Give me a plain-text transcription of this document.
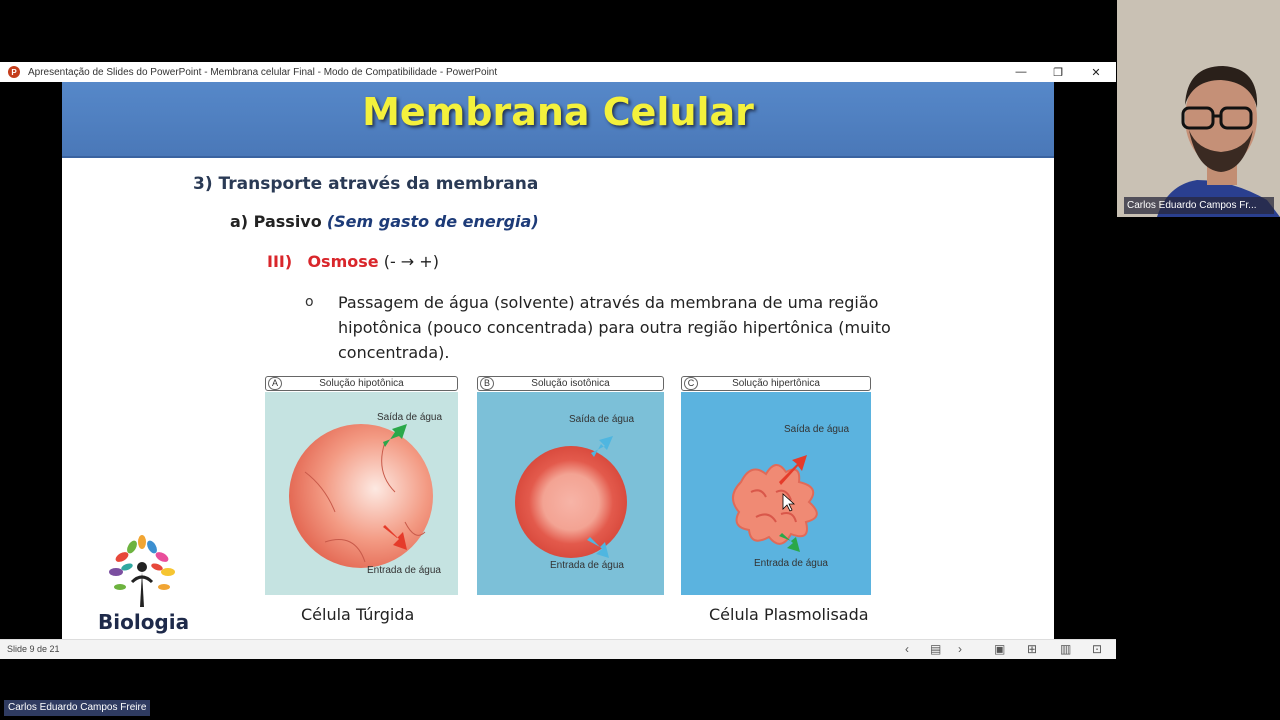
P Apresentação de Slides do PowerPoint - Membrana celular Final - Modo de Compatibilidade - PowerPoint	—	❐	✕
Membrana Celular
3) Transporte através da membrana
a) Passivo (Sem gasto de energia)
III) Osmose (- → +)
o Passagem de água (solvente) através da membrana de uma região hipotônica (pouco concentrada) para outra região hipertônica (muito concentrada).
A	Solução hipotônica
Saída de água
Entrada de água
B	Solução isotônica
Saída de água
Entrada de água
C	Solução hipertônica
Saída de água
Entrada de água
Célula Túrgida	Célula Plasmolisada
Biologia
Slide 9 de 21	‹ ▤ ›	▣ ⊞ ▥ ⊡
Carlos Eduardo Campos Fr...
Carlos Eduardo Campos Freire
